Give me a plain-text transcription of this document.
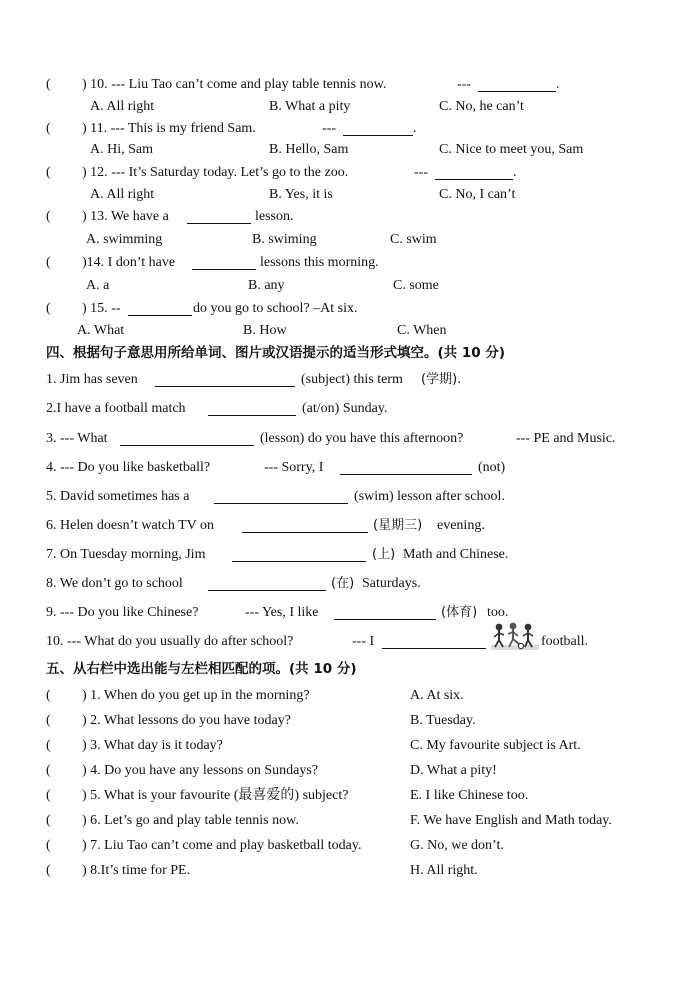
( ) 10. --- Liu Tao can’t come and play table tennis now.	---	.
A. All right	B. What a pity	C. No, he can’t
( ) 11. --- This is my friend Sam.	---	.
A. Hi, Sam	B. Hello, Sam	C. Nice to meet you, Sam
( ) 12. --- It’s Saturday today. Let’s go to the zoo.	---	.
A. All right	B. Yes, it is	C. No, I can’t
( ) 13. We have a	lesson.
A. swimming	B. swiming	C. swim
( )14. I don’t have	lessons this morning.
A. a	B. any	C. some
( ) 15. --	do you go to school? –At six.
A. What	B. How	C. When
四、根据句子意思用所给单词、图片或汉语提示的适当形式填空。(共 10 分)
1. Jim has seven	(subject) this term (学期).
2.I have a football match	(at/on) Sunday.
3. --- What	(lesson) do you have this afternoon?	--- PE and Music.
4. --- Do you like basketball?	--- Sorry, I	(not)
5. David sometimes has a	(swim) lesson after school.
6. Helen doesn’t watch TV on	(星期三) evening.
7. On Tuesday morning, Jim	(上) Math and Chinese.
8. We don’t go to school	(在) Saturdays.
9. --- Do you like Chinese?	--- Yes, I like	(体育) too.
10. --- What do you usually do after school?	--- I	football.
五、从右栏中选出能与左栏相匹配的项。(共 10 分)
( ) 1. When do you get up in the morning?	A. At six.
( ) 2. What lessons do you have today?	B. Tuesday.
( ) 3. What day is it today?	C. My favourite subject is Art.
( ) 4. Do you have any lessons on Sundays?	D. What a pity!
( ) 5. What is your favourite (最喜爱的) subject?	E. I like Chinese too.
( ) 6. Let’s go and play table tennis now.	F. We have English and Math today.
( ) 7. Liu Tao can’t come and play basketball today.	G. No, we don’t.
( ) 8.It’s time for PE.	H. All right.
